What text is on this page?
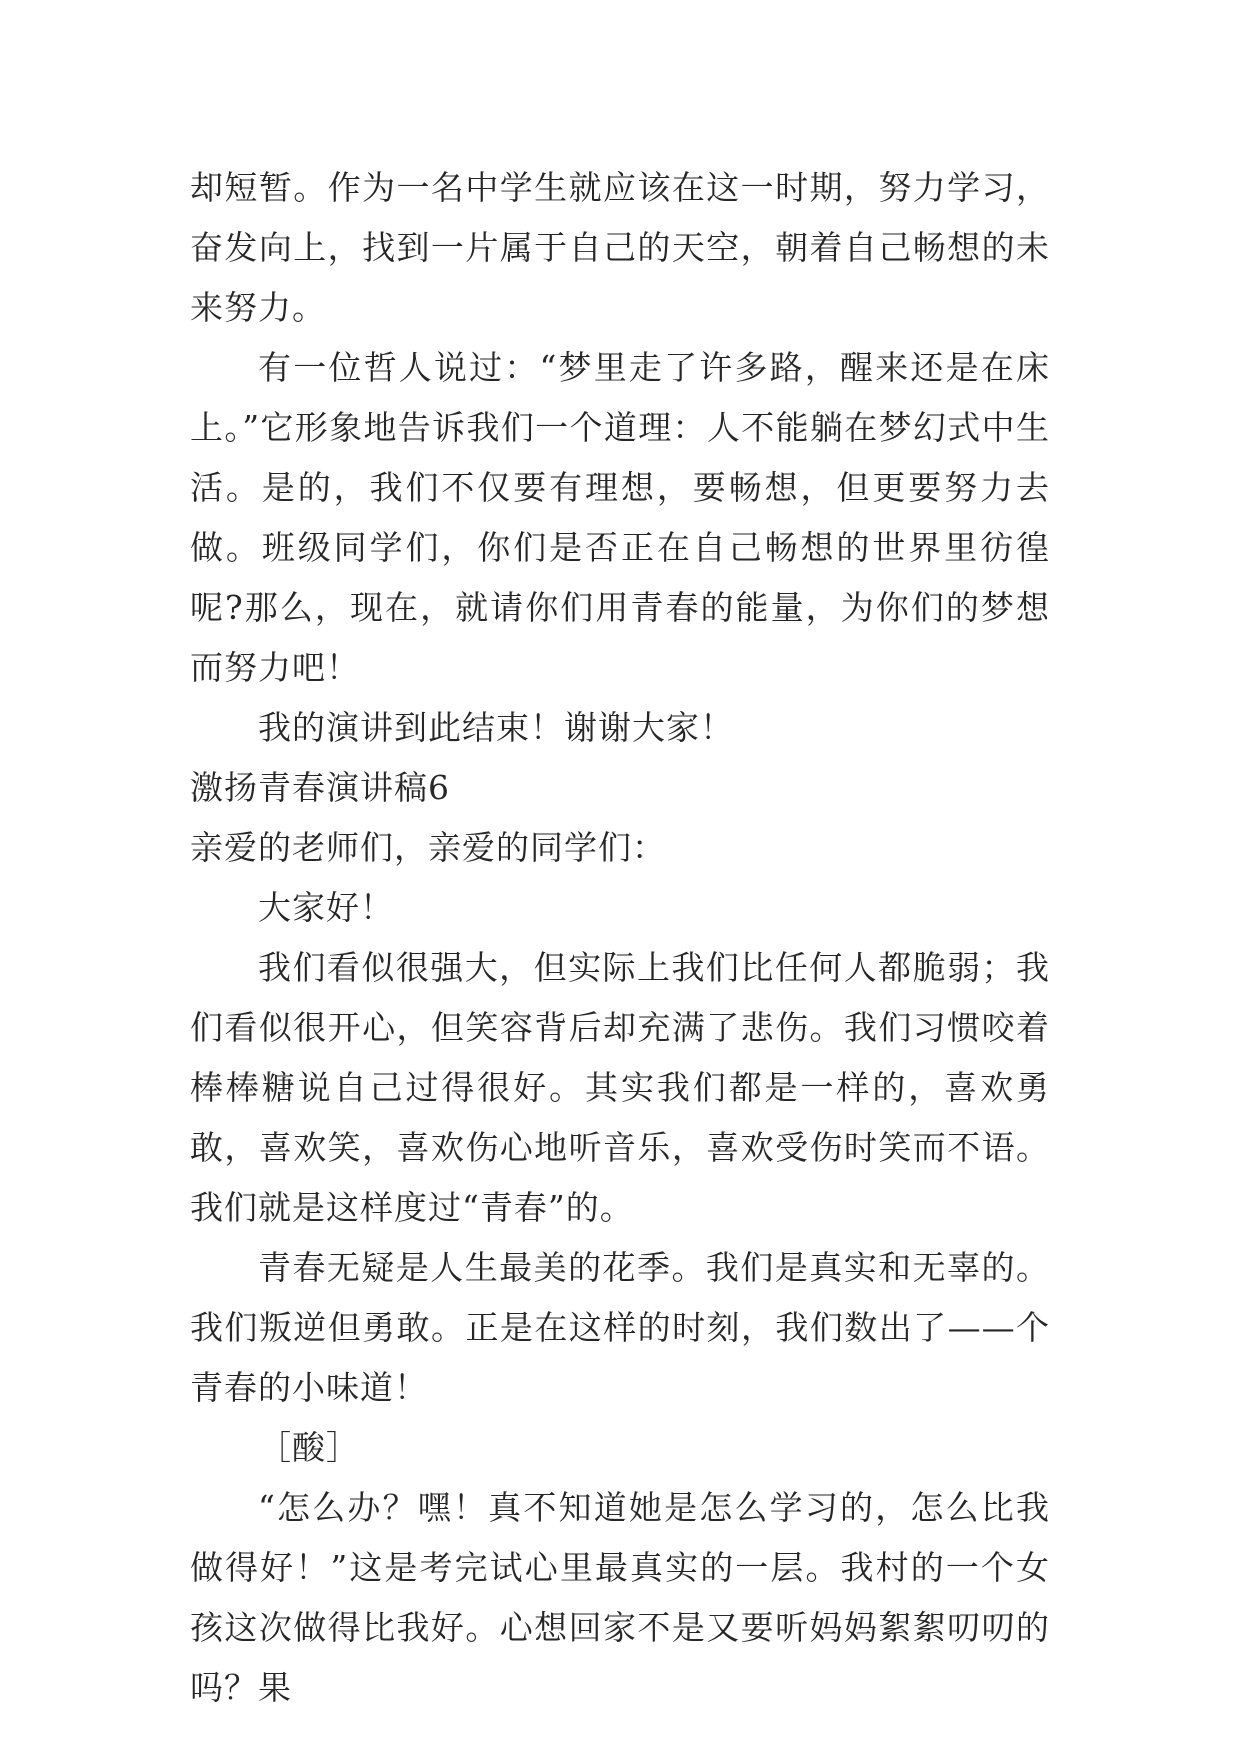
却短暂。作为一名中学生就应该在这一时期，努力学习，奋发向上，找到一片属于自己的天空，朝着自己畅想的未来努力。

有一位哲人说过：“梦里走了许多路，醒来还是在床上。”它形象地告诉我们一个道理：人不能躺在梦幻式中生活。是的，我们不仅要有理想，要畅想，但更要努力去做。班级同学们，你们是否正在自己畅想的世界里彷徨呢?那么，现在，就请你们用青春的能量，为你们的梦想而努力吧！

我的演讲到此结束！谢谢大家！

激扬青春演讲稿6

亲爱的老师们，亲爱的同学们：

大家好！

我们看似很强大，但实际上我们比任何人都脆弱；我们看似很开心，但笑容背后却充满了悲伤。我们习惯咬着棒棒糖说自己过得很好。其实我们都是一样的，喜欢勇敢，喜欢笑，喜欢伤心地听音乐，喜欢受伤时笑而不语。我们就是这样度过“青春”的。

青春无疑是人生最美的花季。我们是真实和无辜的。我们叛逆但勇敢。正是在这样的时刻，我们数出了——个青春的小味道！

［酸］

“怎么办？嘿！真不知道她是怎么学习的，怎么比我做得好！”这是考完试心里最真实的一层。我村的一个女孩这次做得比我好。心想回家不是又要听妈妈絮絮叨叨的吗？果
